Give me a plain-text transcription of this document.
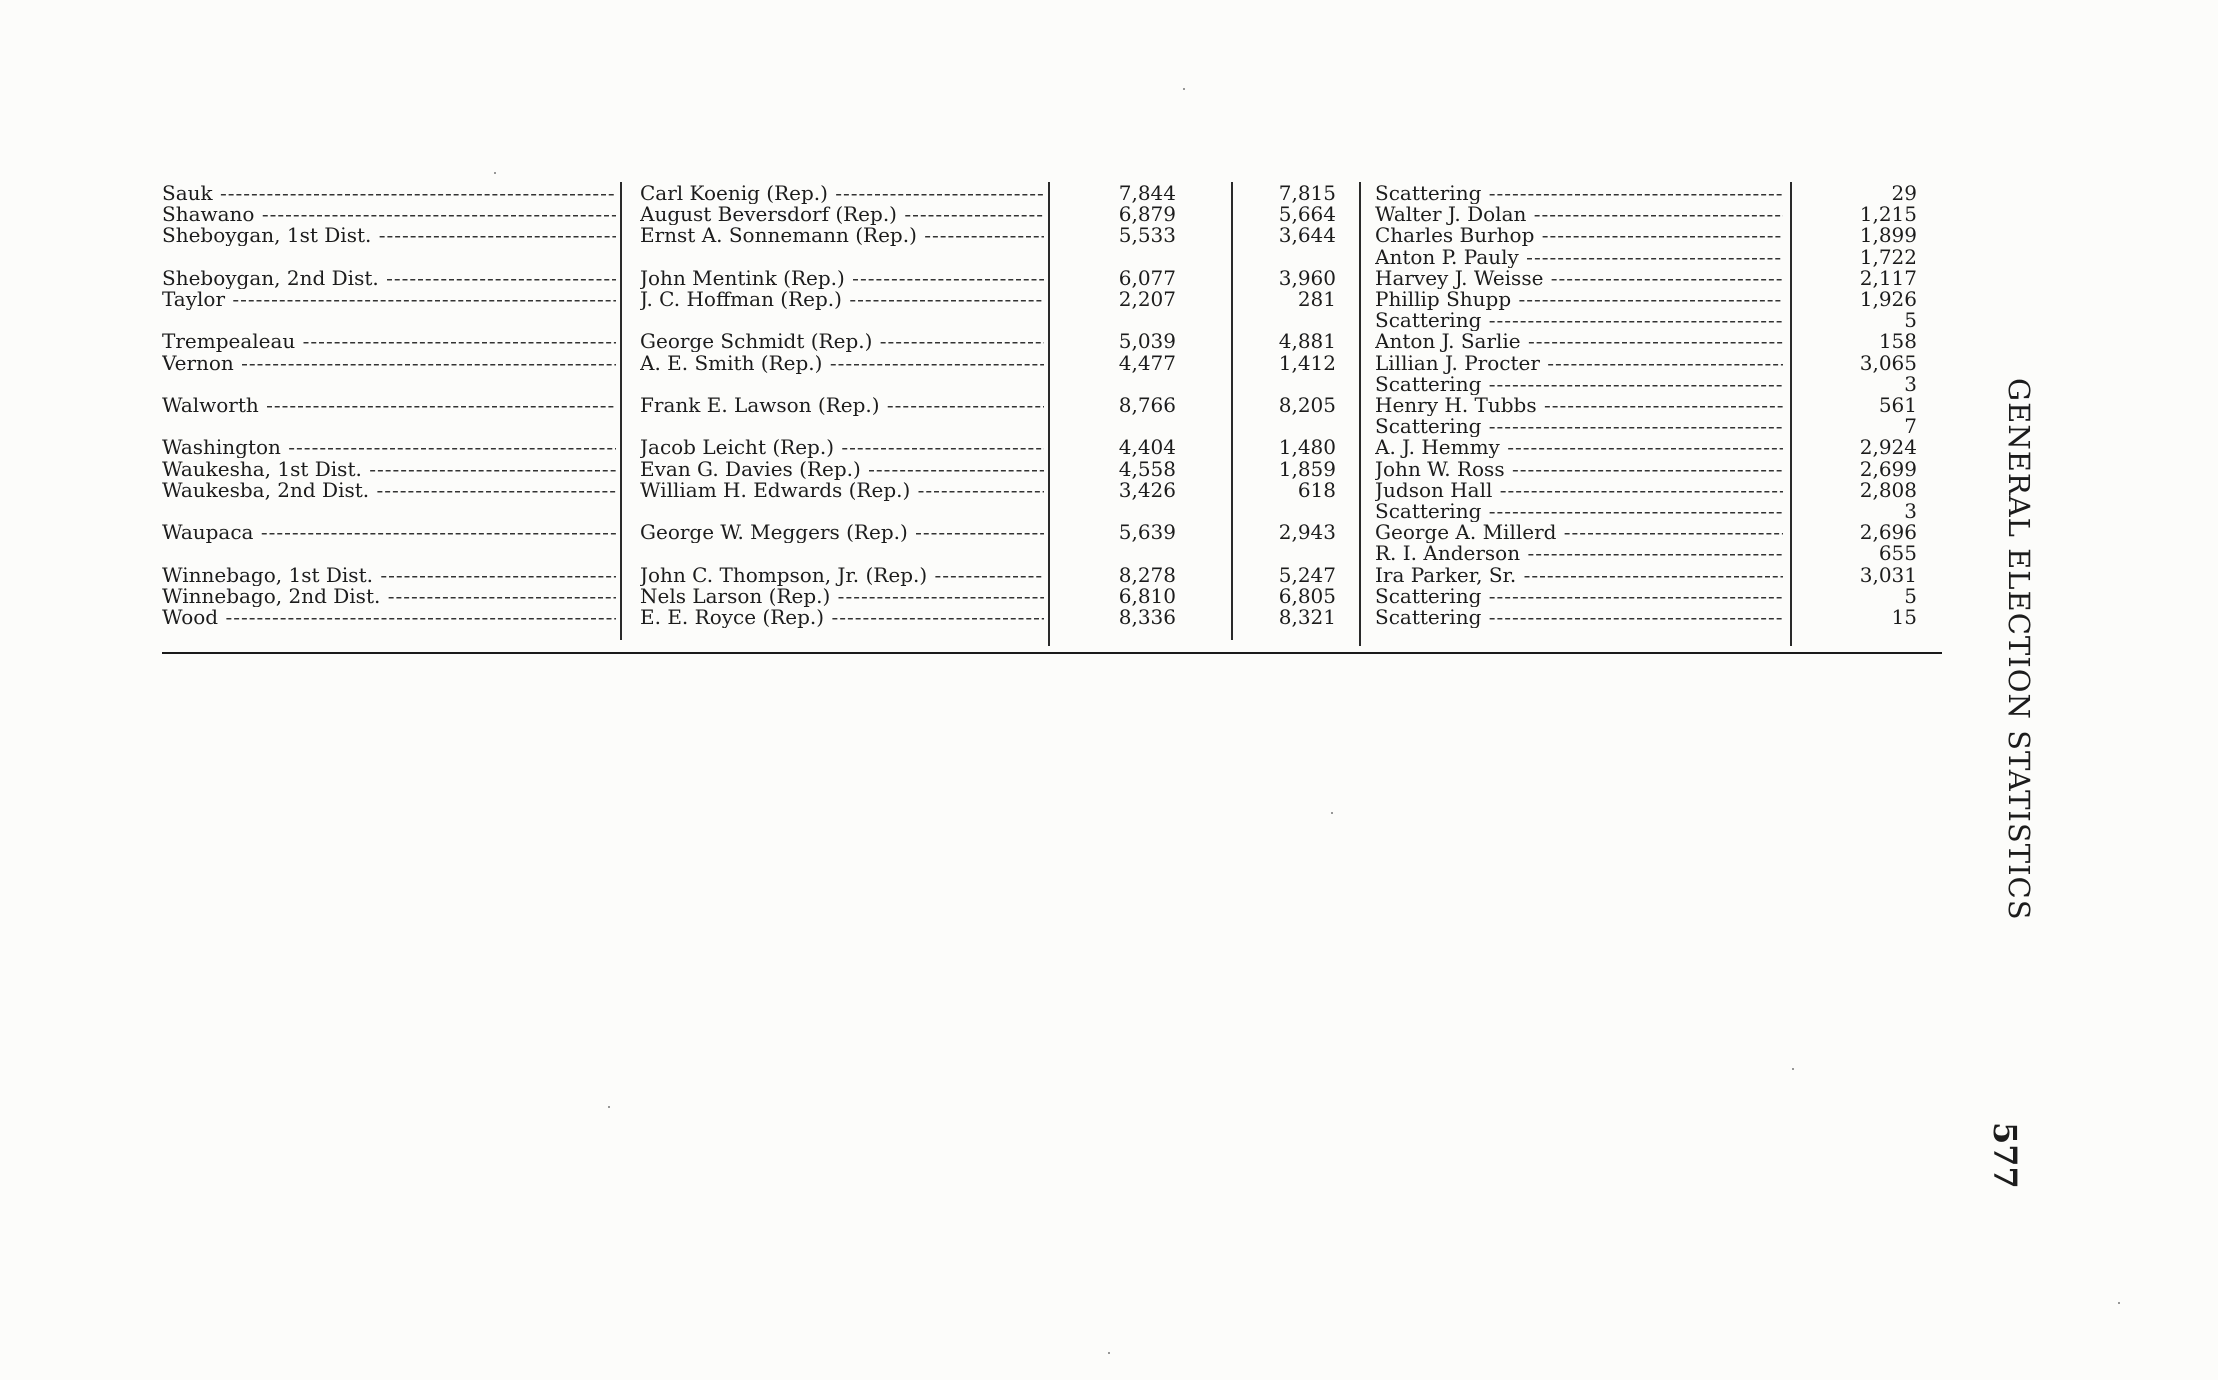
Sauk -----	Carl Koenig (Rep.) -----	7,844	7,815 Scattering -----	29
Shawano -----	August Beversdorf (Rep.) -----	6,879	5,664 Walter J. Dolan -----	1,215
Sheboygan, 1st Dist. -----	Ernst A. Sonnemann (Rep.) -----	5,533	3,644 Charles Burhop -----	1,899
Anton P. Pauly -----	1,722
Sheboygan, 2nd Dist. -----	John Mentink (Rep.) -----	6,077	3,960 Harvey J. Weisse -----	2,117
Taylor -----	J. C. Hoffman (Rep.) -----	2,207	281 Phillip Shupp -----	1,926
Scattering -----	5
Trempealeau -----	George Schmidt (Rep.) -----	5,039	4,881 Anton J. Sarlie -----	158
Vernon -----	A. E. Smith (Rep.) -----	4,477	1,412 Lillian J. Procter -----	3,065
Scattering -----	3
Walworth -----	Frank E. Lawson (Rep.) -----	8,766	8,205 Henry H. Tubbs -----	561
Scattering -----	7
Washington -----	Jacob Leicht (Rep.) -----	4,404	1,480 A. J. Hemmy -----	2,924
Waukesha, 1st Dist. -----	Evan G. Davies (Rep.) -----	4,558	1,859 John W. Ross -----	2,699
Waukesba, 2nd Dist. -----	William H. Edwards (Rep.) -----	3,426	618 Judson Hall -----	2,808
Scattering -----	3
Waupaca -----	George W. Meggers (Rep.) -----	5,639	2,943 George A. Millerd -----	2,696
R. I. Anderson -----	655
Winnebago, 1st Dist. -----	John C. Thompson, Jr. (Rep.) -----	8,278	5,247 Ira Parker, Sr. -----	3,031
Winnebago, 2nd Dist. -----	Nels Larson (Rep.) -----	6,810	6,805 Scattering -----	5
Wood -----	E. E. Royce (Rep.) -----	8,336	8,321 Scattering -----	15	GENERAL ELECTION STATISTICS
577
